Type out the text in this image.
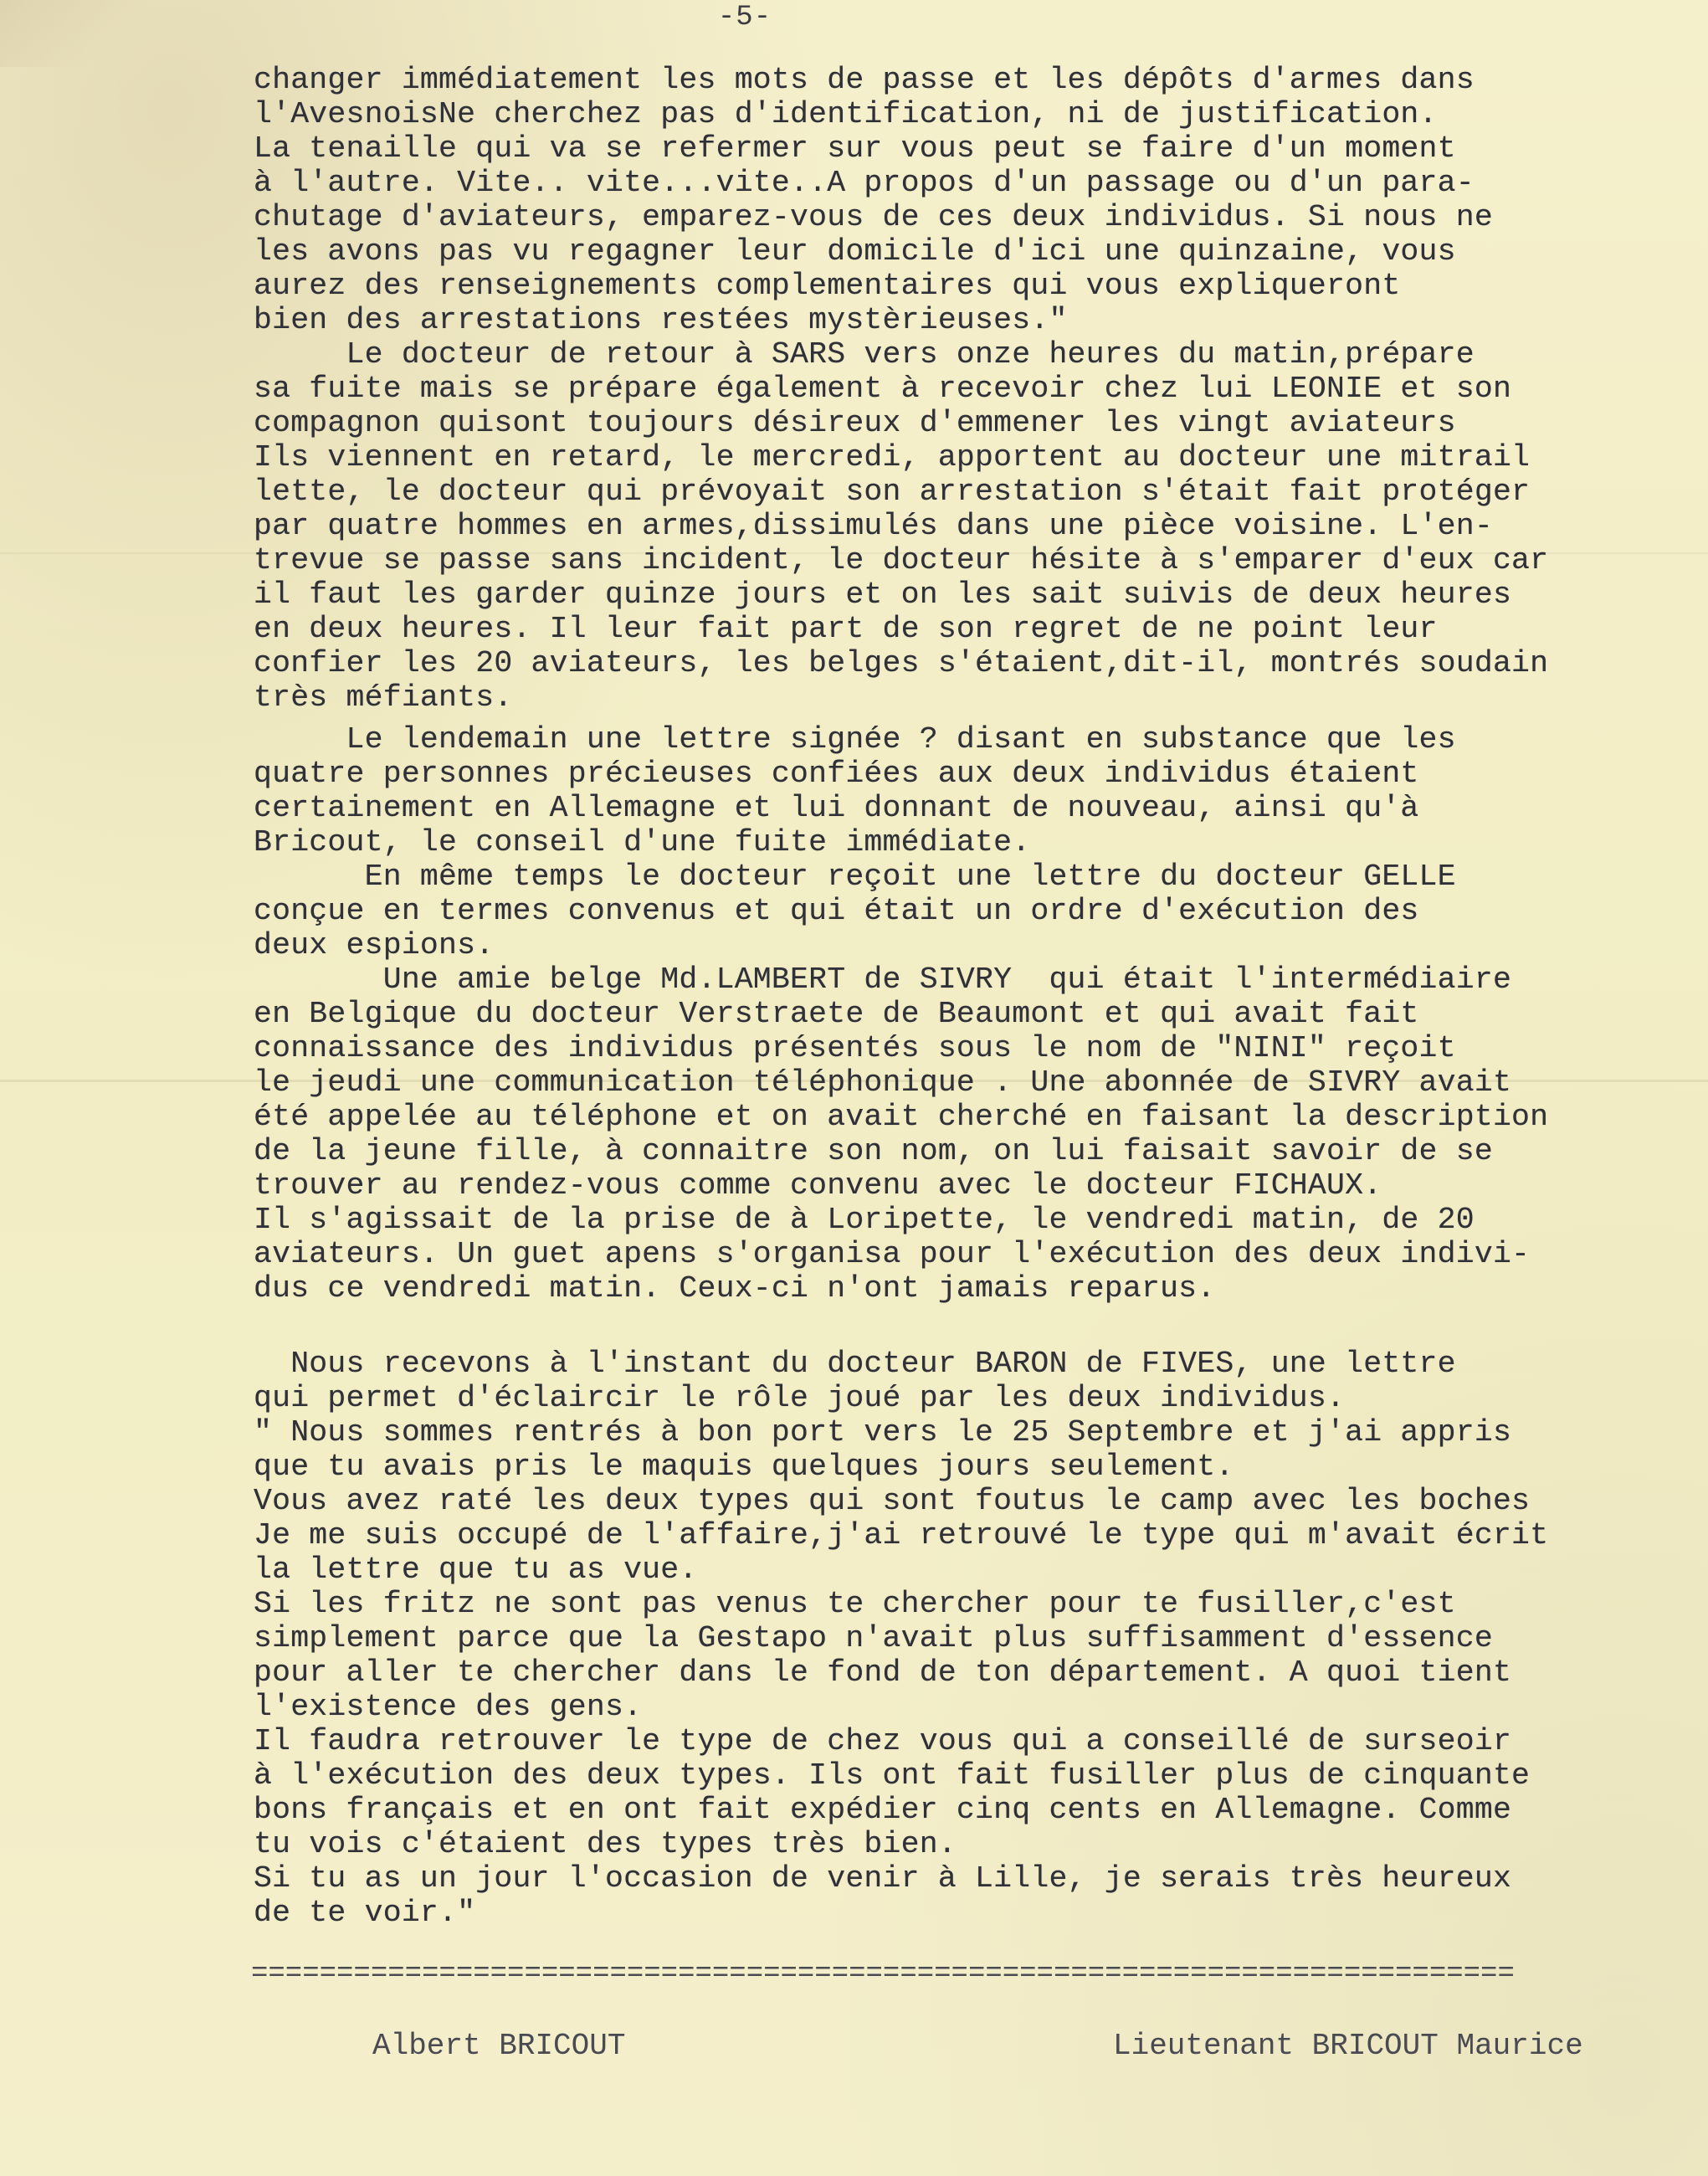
-5-
changer immédiatement les mots de passe et les dépôts d'armes dans
l'AvesnoisNe cherchez pas d'identification, ni de justification.
La tenaille qui va se refermer sur vous peut se faire d'un moment
à l'autre. Vite.. vite...vite..A propos d'un passage ou d'un para-
chutage d'aviateurs, emparez-vous de ces deux individus. Si nous ne
les avons pas vu regagner leur domicile d'ici une quinzaine, vous
aurez des renseignements complementaires qui vous expliqueront
bien des arrestations restées mystèrieuses."
Le docteur de retour à SARS vers onze heures du matin,prépare
sa fuite mais se prépare également à recevoir chez lui LEONIE et son
compagnon quisont toujours désireux d'emmener les vingt aviateurs
Ils viennent en retard, le mercredi, apportent au docteur une mitrail
lette, le docteur qui prévoyait son arrestation s'était fait protéger
par quatre hommes en armes,dissimulés dans une pièce voisine. L'en-
trevue se passe sans incident, le docteur hésite à s'emparer d'eux car
il faut les garder quinze jours et on les sait suivis de deux heures
en deux heures. Il leur fait part de son regret de ne point leur
confier les 20 aviateurs, les belges s'étaient,dit-il, montrés soudain
très méfiants.
Le lendemain une lettre signée ? disant en substance que les
quatre personnes précieuses confiées aux deux individus étaient
certainement en Allemagne et lui donnant de nouveau, ainsi qu'à
Bricout, le conseil d'une fuite immédiate.
En même temps le docteur reçoit une lettre du docteur GELLE
conçue en termes convenus et qui était un ordre d'exécution des
deux espions.
Une amie belge Md.LAMBERT de SIVRY  qui était l'intermédiaire
en Belgique du docteur Verstraete de Beaumont et qui avait fait
connaissance des individus présentés sous le nom de "NINI" reçoit
le jeudi une communication téléphonique . Une abonnée de SIVRY avait
été appelée au téléphone et on avait cherché en faisant la description
de la jeune fille, à connaitre son nom, on lui faisait savoir de se
trouver au rendez-vous comme convenu avec le docteur FICHAUX.
Il s'agissait de la prise de à Loripette, le vendredi matin, de 20
aviateurs. Un guet apens s'organisa pour l'exécution des deux indivi-
dus ce vendredi matin. Ceux-ci n'ont jamais reparus.
Nous recevons à l'instant du docteur BARON de FIVES, une lettre
qui permet d'éclaircir le rôle joué par les deux individus.
" Nous sommes rentrés à bon port vers le 25 Septembre et j'ai appris
que tu avais pris le maquis quelques jours seulement.
Vous avez raté les deux types qui sont foutus le camp avec les boches
Je me suis occupé de l'affaire,j'ai retrouvé le type qui m'avait écrit
la lettre que tu as vue.
Si les fritz ne sont pas venus te chercher pour te fusiller,c'est
simplement parce que la Gestapo n'avait plus suffisamment d'essence
pour aller te chercher dans le fond de ton département. A quoi tient
l'existence des gens.
Il faudra retrouver le type de chez vous qui a conseillé de surseoir
à l'exécution des deux types. Ils ont fait fusiller plus de cinquante
bons français et en ont fait expédier cinq cents en Allemagne. Comme
tu vois c'étaient des types très bien.
Si tu as un jour l'occasion de venir à Lille, je serais très heureux
de te voir."
==========================================================================
Albert BRICOUT	Lieutenant BRICOUT Maurice
